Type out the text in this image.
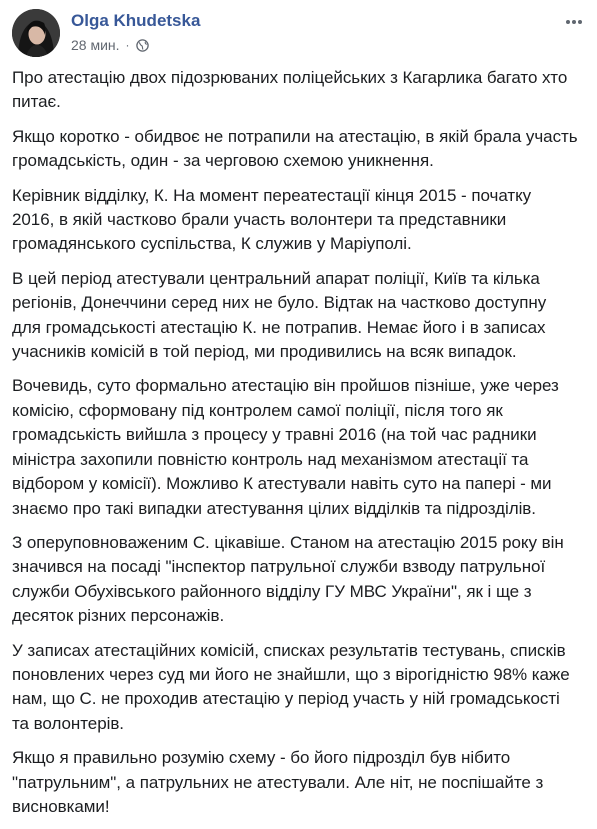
Olga Khudetska
28 мин. ·

Про атестацію двох підозрюваних поліцейських з Кагарлика багато хто питає.

Якщо коротко - обидвоє не потрапили на атестацію, в якій брала участь громадськість, один - за черговою схемою уникнення.

Керівник відділку, К. На момент переатестації кінця 2015 - початку 2016, в якій частково брали участь волонтери та представники громадянського суспільства, К служив у Маріуполі.

В цей період атестували центральний апарат поліції, Київ та кілька регіонів, Донеччини серед них не було. Відтак на частково доступну для громадськості атестацію К. не потрапив. Немає його і в записах учасників комісій в той період, ми продивились на всяк випадок.

Вочевидь, суто формально атестацію він пройшов пізніше, уже через комісію, сформовану під контролем самої поліції, після того як громадськість вийшла з процесу у травні 2016 (на той час радники міністра захопили повністю контроль над механізмом атестації та відбором у комісії). Можливо К атестували навіть суто на папері - ми знаємо про такі випадки атестування цілих відділків та підрозділів.

З оперуповноваженим С. цікавіше. Станом на атестацію 2015 року він значився на посаді "інспектор патрульної служби взводу патрульної служби Обухівського районного відділу ГУ МВС України", як і ще з десяток різних персонажів.

У записах атестаційних комісій, списках результатів тестувань, списків поновлених через суд ми його не знайшли, що з вірогідністю 98% каже нам, що С. не проходив атестацію у період участь у ній громадськості та волонтерів.

Якщо я правильно розумію схему - бо його підрозділ був нібито "патрульним", а патрульних не атестували. Але ніт, не поспішайте з висновками!
